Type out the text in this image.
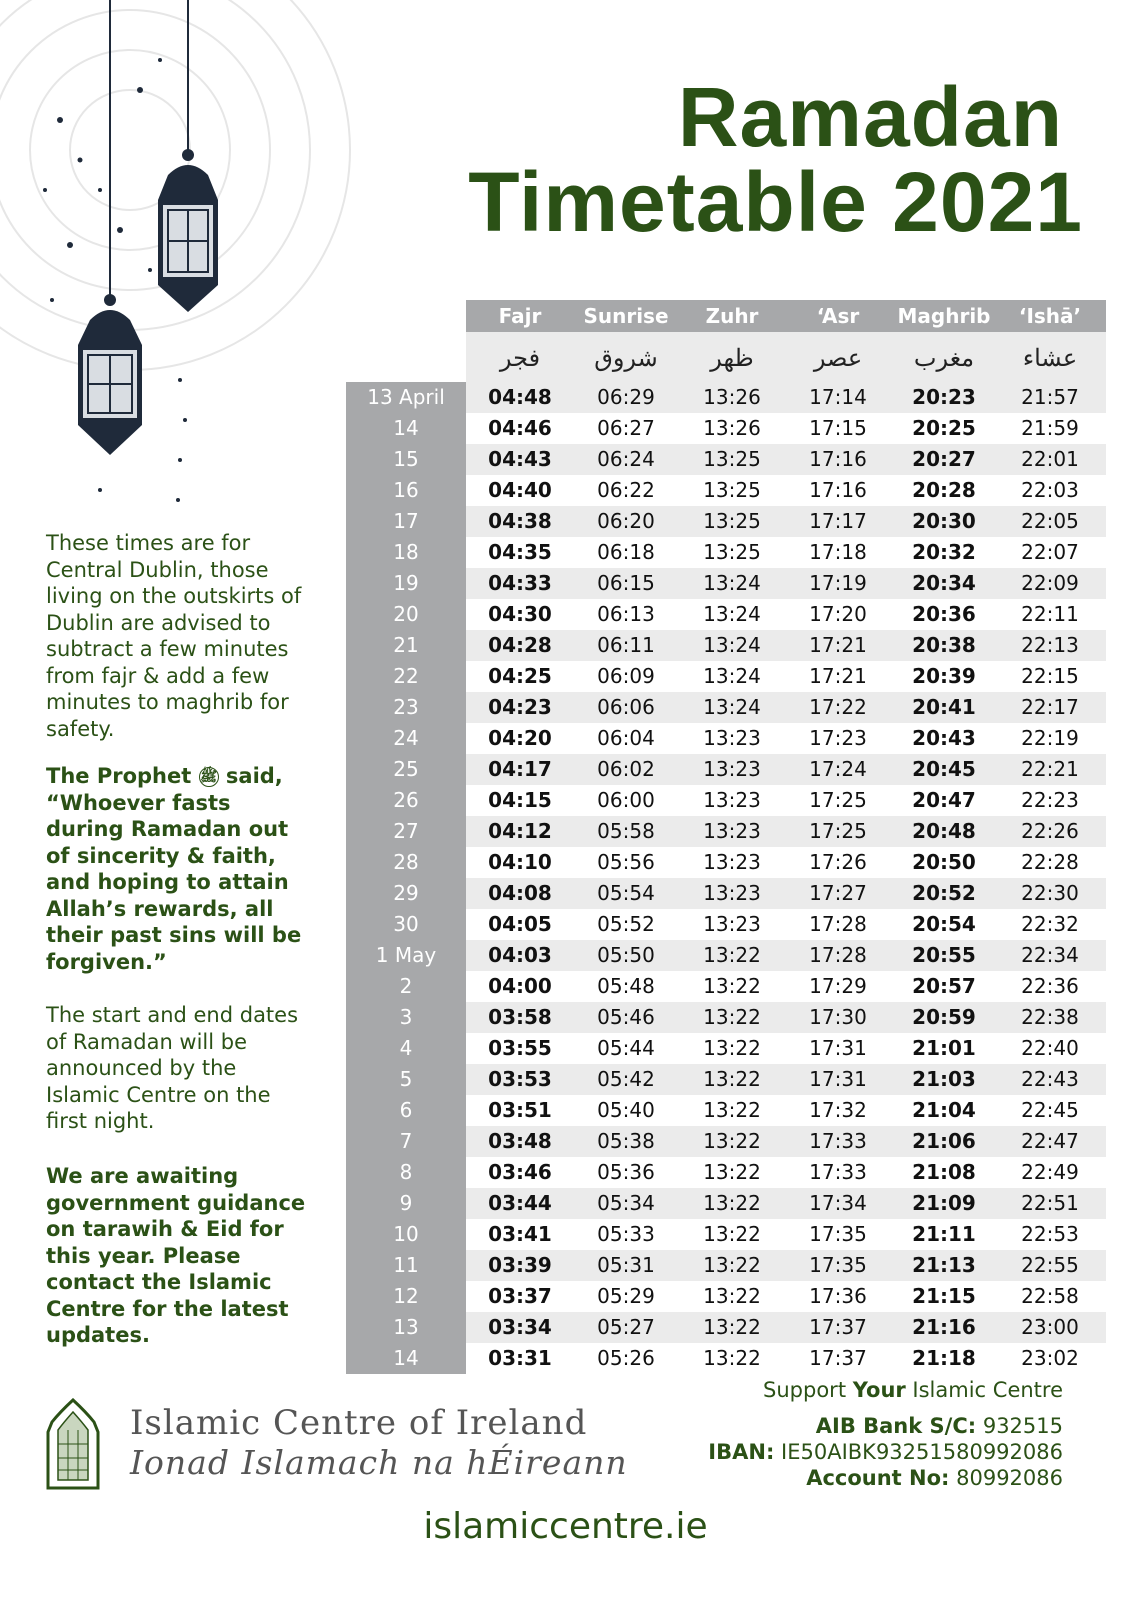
Ramadan
Timetable 2021
These times are for Central Dublin, those living on the outskirts of Dublin are advised to subtract a few minutes from fajr & add a few minutes to maghrib for safety.
The Prophet ﷺ said, “Whoever fasts during Ramadan out of sincerity & faith, and hoping to attain Allah’s rewards, all their past sins will be forgiven.”
The start and end dates of Ramadan will be announced by the Islamic Centre on the first night.
We are awaiting government guidance on tarawih & Eid for this year. Please contact the Islamic Centre for the latest updates.
Fajr	Sunrise	Zuhr	‘Asr	Maghrib	‘Ishā’
فجر	شروق	ظهر	عصر	مغرب	عشاء
13 April	04:48	06:29	13:26	17:14	20:23	21:57
14	04:46	06:27	13:26	17:15	20:25	21:59
15	04:43	06:24	13:25	17:16	20:27	22:01
16	04:40	06:22	13:25	17:16	20:28	22:03
17	04:38	06:20	13:25	17:17	20:30	22:05
18	04:35	06:18	13:25	17:18	20:32	22:07
19	04:33	06:15	13:24	17:19	20:34	22:09
20	04:30	06:13	13:24	17:20	20:36	22:11
21	04:28	06:11	13:24	17:21	20:38	22:13
22	04:25	06:09	13:24	17:21	20:39	22:15
23	04:23	06:06	13:24	17:22	20:41	22:17
24	04:20	06:04	13:23	17:23	20:43	22:19
25	04:17	06:02	13:23	17:24	20:45	22:21
26	04:15	06:00	13:23	17:25	20:47	22:23
27	04:12	05:58	13:23	17:25	20:48	22:26
28	04:10	05:56	13:23	17:26	20:50	22:28
29	04:08	05:54	13:23	17:27	20:52	22:30
30	04:05	05:52	13:23	17:28	20:54	22:32
1 May	04:03	05:50	13:22	17:28	20:55	22:34
2	04:00	05:48	13:22	17:29	20:57	22:36
3	03:58	05:46	13:22	17:30	20:59	22:38
4	03:55	05:44	13:22	17:31	21:01	22:40
5	03:53	05:42	13:22	17:31	21:03	22:43
6	03:51	05:40	13:22	17:32	21:04	22:45
7	03:48	05:38	13:22	17:33	21:06	22:47
8	03:46	05:36	13:22	17:33	21:08	22:49
9	03:44	05:34	13:22	17:34	21:09	22:51
10	03:41	05:33	13:22	17:35	21:11	22:53
11	03:39	05:31	13:22	17:35	21:13	22:55
12	03:37	05:29	13:22	17:36	21:15	22:58
13	03:34	05:27	13:22	17:37	21:16	23:00
14	03:31	05:26	13:22	17:37	21:18	23:02
Islamic Centre of Ireland
Ionad Islamach na hÉireann
Support Your Islamic Centre
AIB Bank S/C: 932515
IBAN: IE50AIBK93251580992086
Account No: 80992086
islamiccentre.ie
